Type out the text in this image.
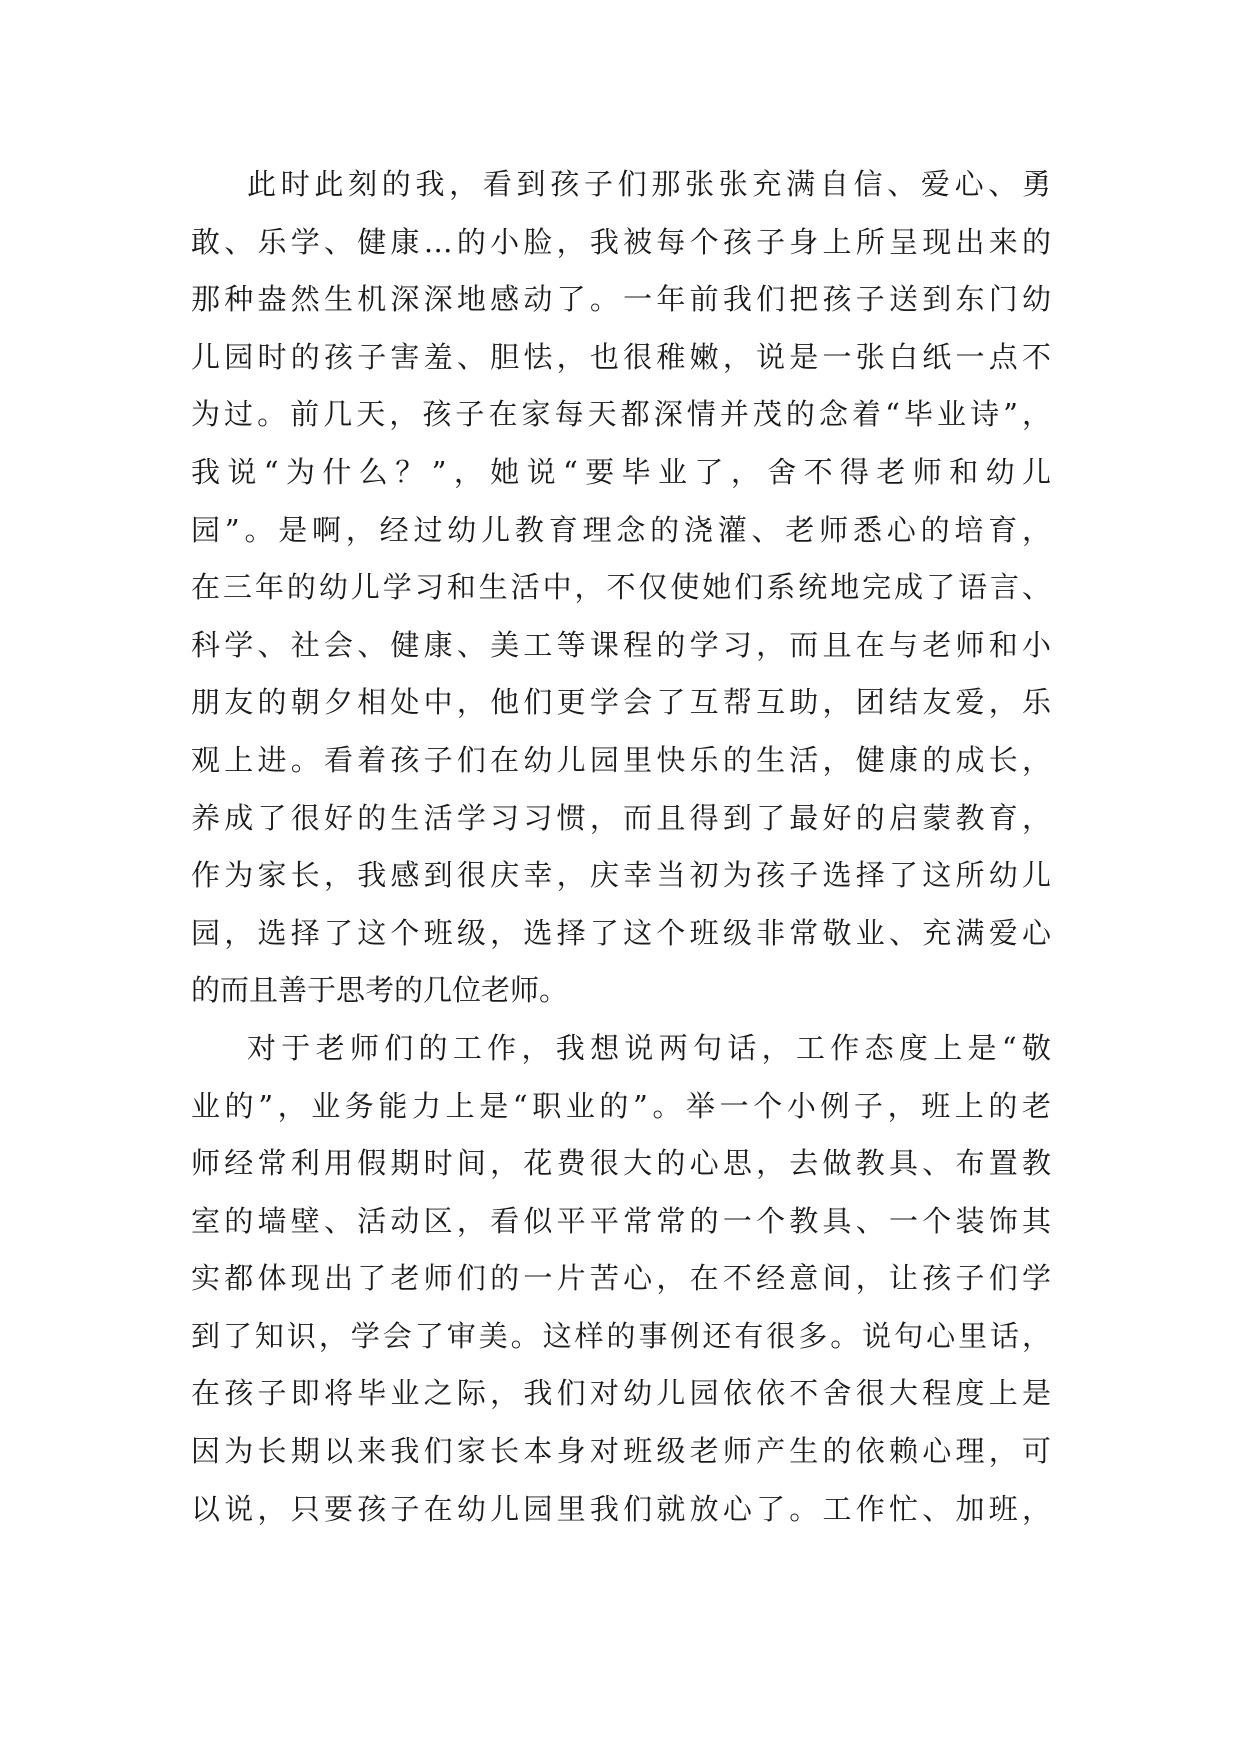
此时此刻的我，看到孩子们那张张充满自信、爱心、勇
敢、乐学、健康…的小脸，我被每个孩子身上所呈现出来的
那种盎然生机深深地感动了。一年前我们把孩子送到东门幼
儿园时的孩子害羞、胆怯，也很稚嫩，说是一张白纸一点不
为过。前几天，孩子在家每天都深情并茂的念着“毕业诗”，
我说“为什么？”，她说“要毕业了，舍不得老师和幼儿
园”。是啊，经过幼儿教育理念的浇灌、老师悉心的培育，
在三年的幼儿学习和生活中，不仅使她们系统地完成了语言、
科学、社会、健康、美工等课程的学习，而且在与老师和小
朋友的朝夕相处中，他们更学会了互帮互助，团结友爱，乐
观上进。看着孩子们在幼儿园里快乐的生活，健康的成长，
养成了很好的生活学习习惯，而且得到了最好的启蒙教育，
作为家长，我感到很庆幸，庆幸当初为孩子选择了这所幼儿
园，选择了这个班级，选择了这个班级非常敬业、充满爱心
的而且善于思考的几位老师。
对于老师们的工作，我想说两句话，工作态度上是“敬
业的”，业务能力上是“职业的”。举一个小例子，班上的老
师经常利用假期时间，花费很大的心思，去做教具、布置教
室的墙壁、活动区，看似平平常常的一个教具、一个装饰其
实都体现出了老师们的一片苦心，在不经意间，让孩子们学
到了知识，学会了审美。这样的事例还有很多。说句心里话，
在孩子即将毕业之际，我们对幼儿园依依不舍很大程度上是
因为长期以来我们家长本身对班级老师产生的依赖心理，可
以说，只要孩子在幼儿园里我们就放心了。工作忙、加班，
